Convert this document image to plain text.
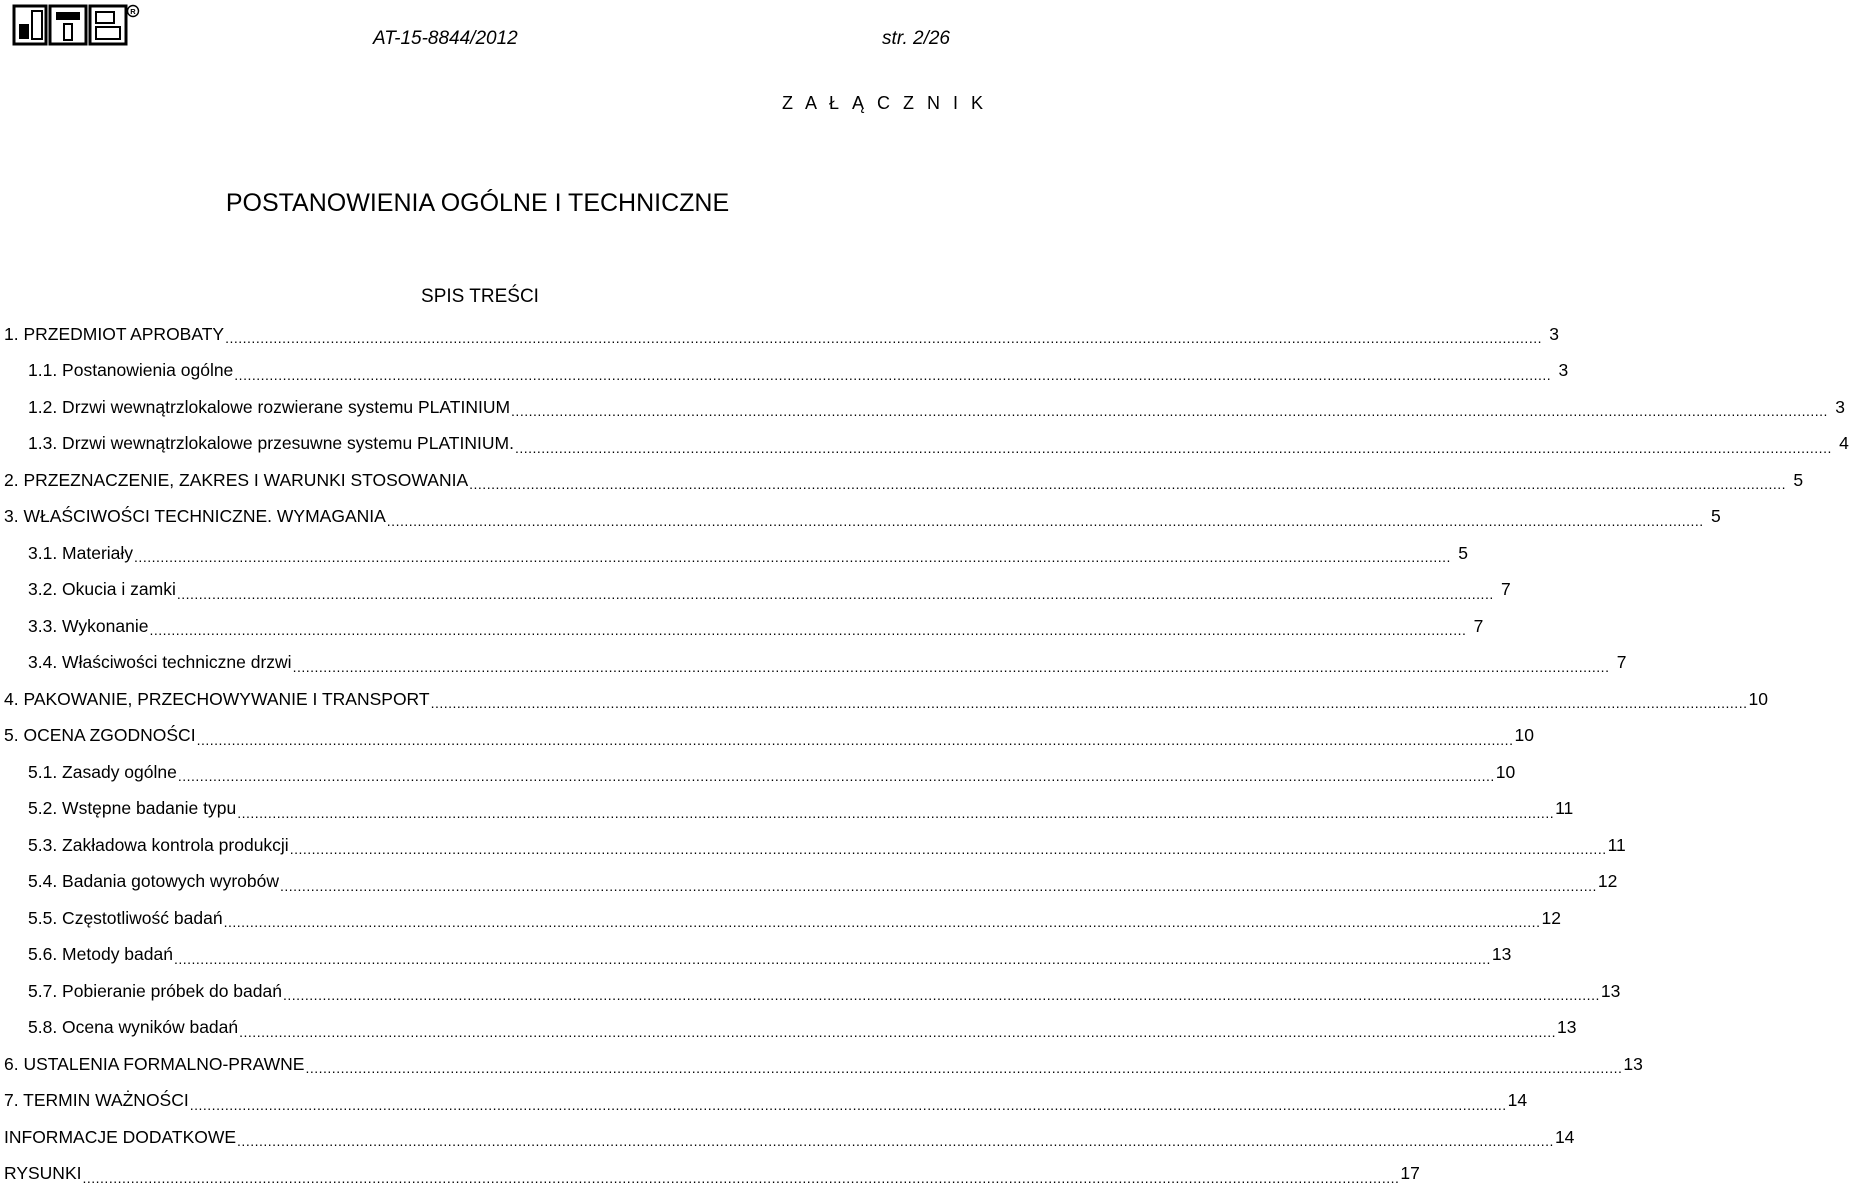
R
AT-15-8844/2012	str. 2/26
Z A Ł Ą C Z N I K
POSTANOWIENIA OGÓLNE I TECHNICZNE
SPIS TREŚCI
1. PRZEDMIOT APROBATY ............................................................................................................................................................................................................................................................................................................ 3
1.1. Postanowienia ogólne ............................................................................................................................................................................................................................................................................................................ 3
1.2. Drzwi wewnątrzlokalowe rozwierane systemu PLATINIUM ............................................................................................................................................................................................................................................................................................................ 3
1.3. Drzwi wewnątrzlokalowe przesuwne systemu PLATINIUM. ............................................................................................................................................................................................................................................................................................................ 4
2. PRZEZNACZENIE, ZAKRES I WARUNKI STOSOWANIA ............................................................................................................................................................................................................................................................................................................ 5
3. WŁAŚCIWOŚCI TECHNICZNE. WYMAGANIA ............................................................................................................................................................................................................................................................................................................ 5
3.1. Materiały ............................................................................................................................................................................................................................................................................................................ 5
3.2. Okucia i zamki ............................................................................................................................................................................................................................................................................................................ 7
3.3. Wykonanie ............................................................................................................................................................................................................................................................................................................ 7
3.4. Właściwości techniczne drzwi ............................................................................................................................................................................................................................................................................................................ 7
4. PAKOWANIE, PRZECHOWYWANIE I TRANSPORT ............................................................................................................................................................................................................................................................................................................ 10
5. OCENA ZGODNOŚCI ............................................................................................................................................................................................................................................................................................................ 10
5.1. Zasady ogólne ............................................................................................................................................................................................................................................................................................................ 10
5.2. Wstępne badanie typu ............................................................................................................................................................................................................................................................................................................ 11
5.3. Zakładowa kontrola produkcji ............................................................................................................................................................................................................................................................................................................ 11
5.4. Badania gotowych wyrobów ............................................................................................................................................................................................................................................................................................................ 12
5.5. Częstotliwość badań ............................................................................................................................................................................................................................................................................................................ 12
5.6. Metody badań ............................................................................................................................................................................................................................................................................................................ 13
5.7. Pobieranie próbek do badań ............................................................................................................................................................................................................................................................................................................ 13
5.8. Ocena wyników badań ............................................................................................................................................................................................................................................................................................................ 13
6. USTALENIA FORMALNO-PRAWNE ............................................................................................................................................................................................................................................................................................................ 13
7. TERMIN WAŻNOŚCI ............................................................................................................................................................................................................................................................................................................ 14
INFORMACJE DODATKOWE ............................................................................................................................................................................................................................................................................................................ 14
RYSUNKI ............................................................................................................................................................................................................................................................................................................ 17
